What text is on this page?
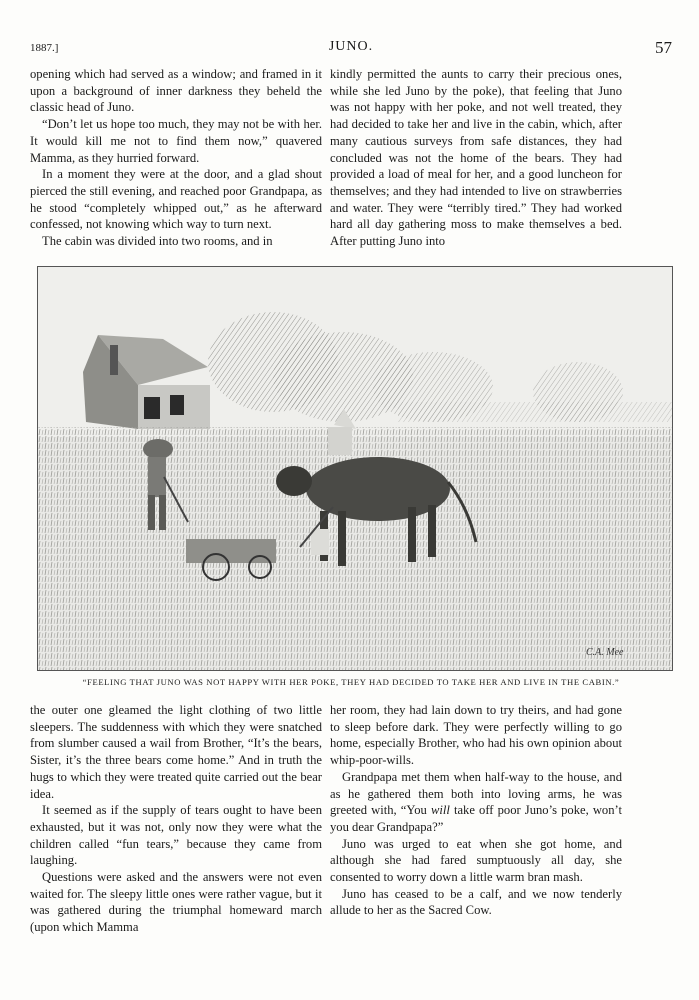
1887.]	JUNO.	57

opening which had served as a window; and framed in it upon a background of inner darkness they beheld the classic head of Juno.

“Don’t let us hope too much, they may not be with her. It would kill me not to find them now,” quavered Mamma, as they hurried forward.

In a moment they were at the door, and a glad shout pierced the still evening, and reached poor Grandpapa, as he stood “completely whipped out,” as he afterward confessed, not knowing which way to turn next.

The cabin was divided into two rooms, and in

kindly permitted the aunts to carry their precious ones, while she led Juno by the poke), that feeling that Juno was not happy with her poke, and not well treated, they had decided to take her and live in the cabin, which, after many cautious surveys from safe distances, they had concluded was not the home of the bears. They had provided a load of meal for her, and a good luncheon for themselves; and they had intended to live on strawberries and water. They were “terribly tired.” They had worked hard all day gathering moss to make themselves a bed. After putting Juno into

C.A. Mee
“FEELING THAT JUNO WAS NOT HAPPY WITH HER POKE, THEY HAD DECIDED TO TAKE HER AND LIVE IN THE CABIN.”

the outer one gleamed the light clothing of two little sleepers. The suddenness with which they were snatched from slumber caused a wail from Brother, “It’s the bears, Sister, it’s the three bears come home.” And in truth the hugs to which they were treated quite carried out the bear idea.

It seemed as if the supply of tears ought to have been exhausted, but it was not, only now they were what the children called “fun tears,” because they came from laughing.

Questions were asked and the answers were not even waited for. The sleepy little ones were rather vague, but it was gathered during the triumphal homeward march (upon which Mamma

her room, they had lain down to try theirs, and had gone to sleep before dark. They were perfectly willing to go home, especially Brother, who had his own opinion about whip-poor-wills.

Grandpapa met them when half-way to the house, and as he gathered them both into loving arms, he was greeted with, “You will take off poor Juno’s poke, won’t you dear Grandpapa?”

Juno was urged to eat when she got home, and although she had fared sumptuously all day, she consented to worry down a little warm bran mash.

Juno has ceased to be a calf, and we now tenderly allude to her as the Sacred Cow.
